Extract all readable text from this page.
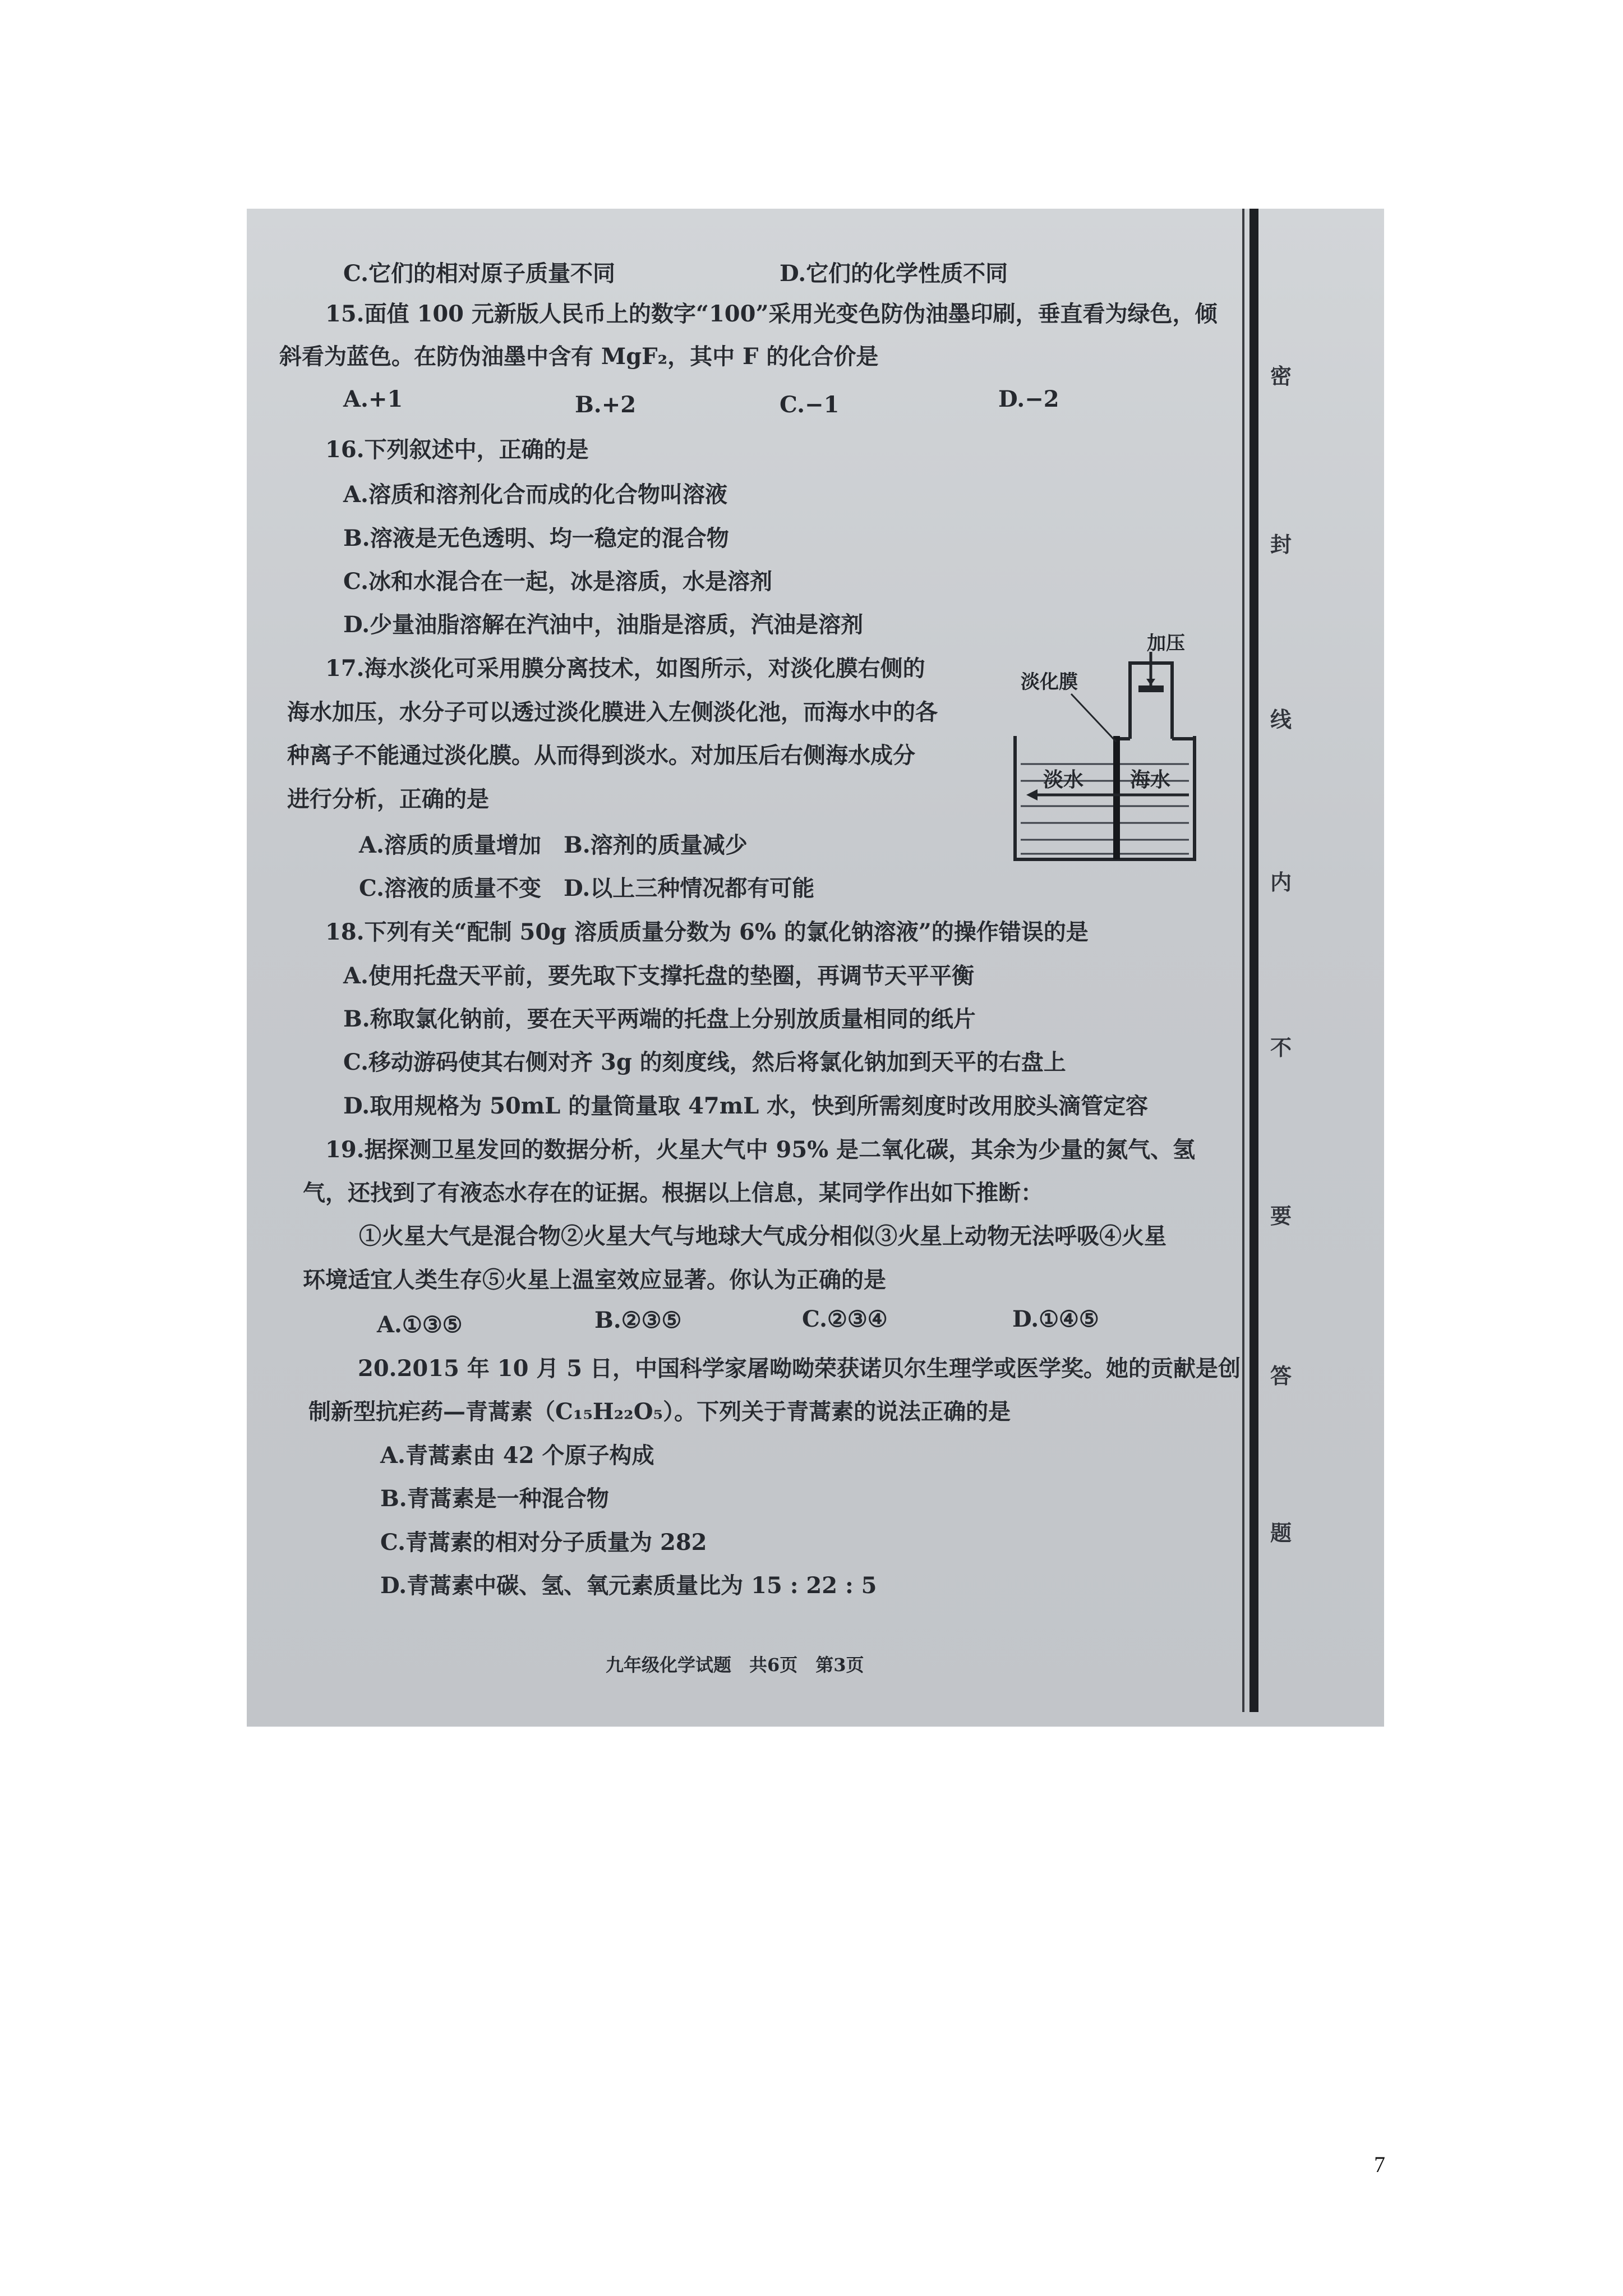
C.它们的相对原子质量不同	D.它们的化学性质不同
15.面值 100 元新版人民币上的数字“100”采用光变色防伪油墨印刷，垂直看为绿色，倾
斜看为蓝色。在防伪油墨中含有 MgF₂，其中 F 的化合价是
A.+1	B.+2	C.−1	D.−2
16.下列叙述中，正确的是
A.溶质和溶剂化合而成的化合物叫溶液
B.溶液是无色透明、均一稳定的混合物
C.冰和水混合在一起，冰是溶质，水是溶剂
D.少量油脂溶解在汽油中，油脂是溶质，汽油是溶剂
17.海水淡化可采用膜分离技术，如图所示，对淡化膜右侧的
海水加压，水分子可以透过淡化膜进入左侧淡化池，而海水中的各
种离子不能通过淡化膜。从而得到淡水。对加压后右侧海水成分
进行分析，正确的是
A.溶质的质量增加　B.溶剂的质量减少
C.溶液的质量不变　D.以上三种情况都有可能
加压
淡化膜
淡水 海水
18.下列有关“配制 50g 溶质质量分数为 6% 的氯化钠溶液”的操作错误的是
A.使用托盘天平前，要先取下支撑托盘的垫圈，再调节天平平衡
B.称取氯化钠前，要在天平两端的托盘上分别放质量相同的纸片
C.移动游码使其右侧对齐 3g 的刻度线，然后将氯化钠加到天平的右盘上
D.取用规格为 50mL 的量筒量取 47mL 水，快到所需刻度时改用胶头滴管定容
19.据探测卫星发回的数据分析，火星大气中 95% 是二氧化碳，其余为少量的氮气、氢
气，还找到了有液态水存在的证据。根据以上信息，某同学作出如下推断：
①火星大气是混合物②火星大气与地球大气成分相似③火星上动物无法呼吸④火星
环境适宜人类生存⑤火星上温室效应显著。你认为正确的是
A.①③⑤	B.②③⑤	C.②③④	D.①④⑤
20.2015 年 10 月 5 日，中国科学家屠呦呦荣获诺贝尔生理学或医学奖。她的贡献是创
制新型抗疟药—青蒿素（C₁₅H₂₂O₅）。下列关于青蒿素的说法正确的是
A.青蒿素由 42 个原子构成
B.青蒿素是一种混合物
C.青蒿素的相对分子质量为 282
D.青蒿素中碳、氢、氧元素质量比为 15 : 22 : 5
九年级化学试题　共6页　第3页
密
封
线
内
不
要
答
题
7
